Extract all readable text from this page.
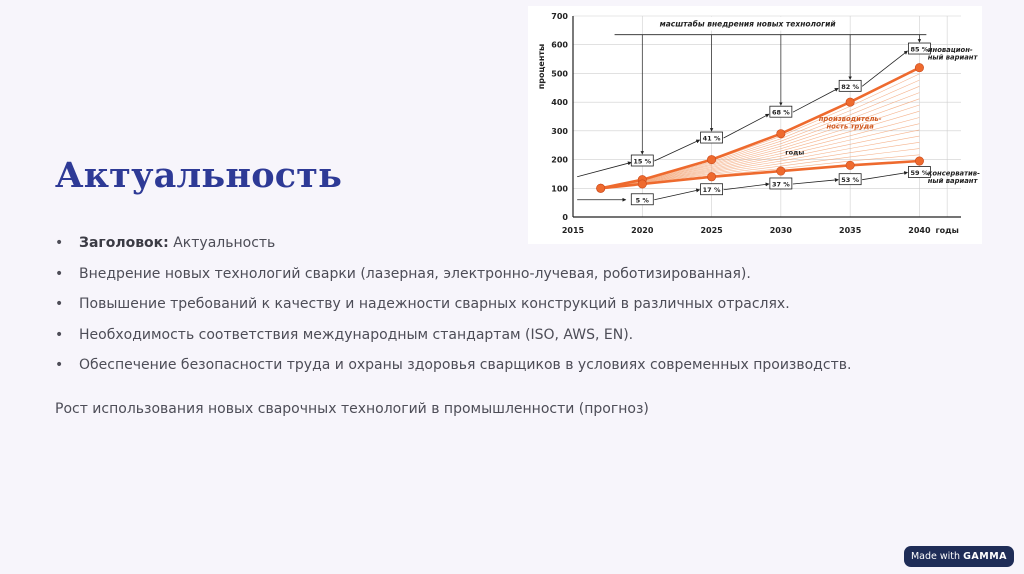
0
100
200
300
400
500
600
700
2015	2020	2025	2030	2035	2040 годы
проценты
масштабы внедрения новых технологий
годы
15 %
41 %
68 %
82 %
85 %
5 %
17 %
37 %
53 %
59 %
иновацион-ный вариант
консерватив-ный вариант
производитель-ность труда
Актуальность
• Заголовок: Актуальность
• Внедрение новых технологий сварки (лазерная, электронно-лучевая, роботизированная).
• Повышение требований к качеству и надежности сварных конструкций в различных отраслях.
• Необходимость соответствия международным стандартам (ISO, AWS, EN).
• Обеспечение безопасности труда и охраны здоровья сварщиков в условиях современных производств.
Рост использования новых сварочных технологий в промышленности (прогноз)
Made with GAMMA
